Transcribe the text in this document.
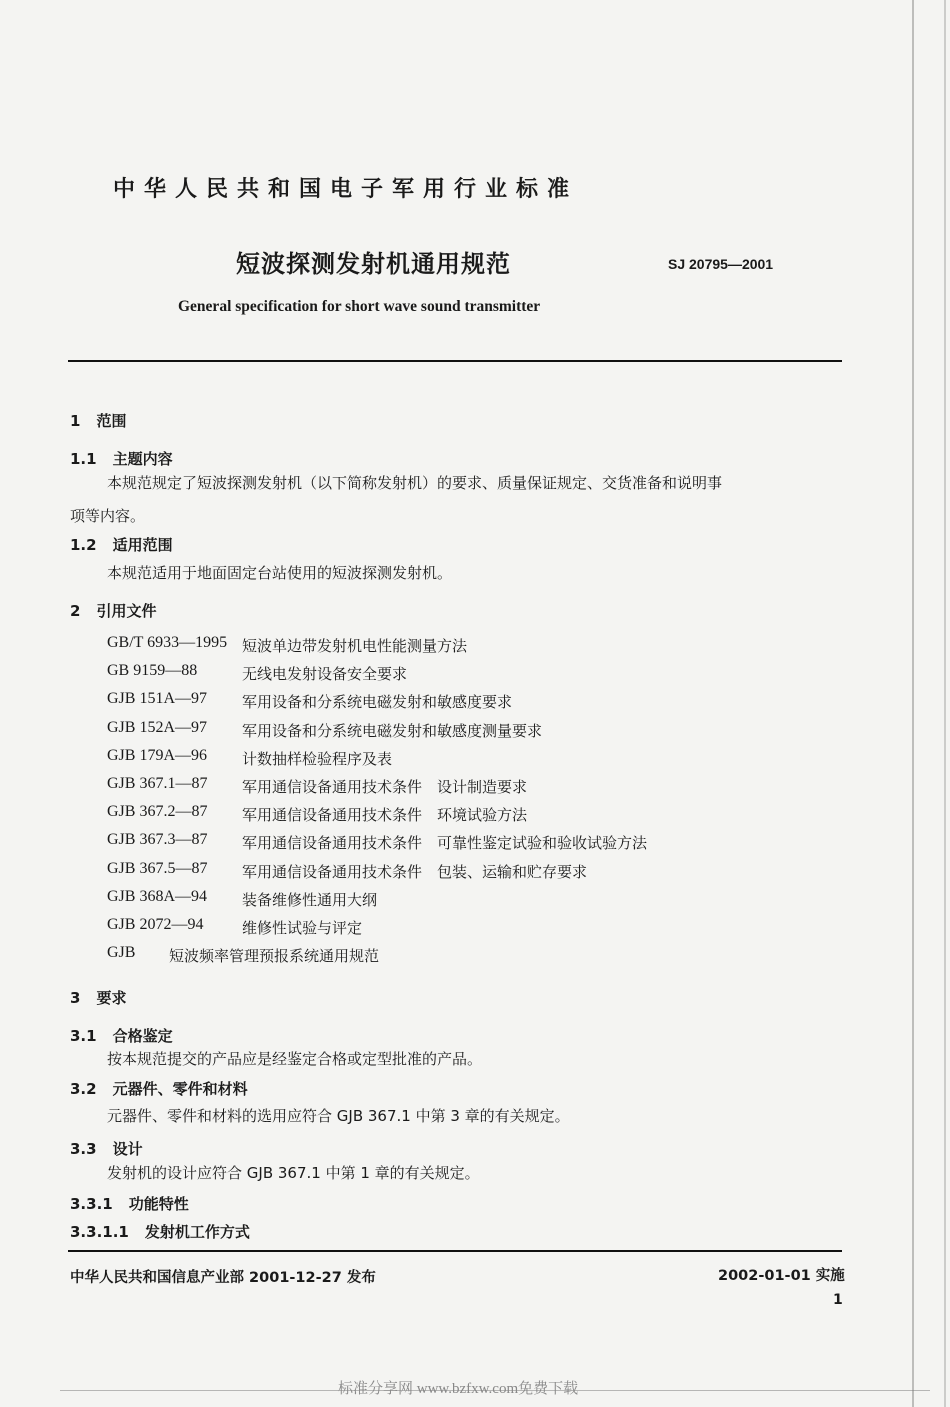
中华人民共和国电子军用行业标准
短波探测发射机通用规范	SJ 20795—2001
General specification for short wave sound transmitter
1 范围
1.1 主题内容
本规范规定了短波探测发射机（以下简称发射机）的要求、质量保证规定、交货准备和说明事
项等内容。
1.2 适用范围
本规范适用于地面固定台站使用的短波探测发射机。
2 引用文件
GB/T 6933—1995 短波单边带发射机电性能测量方法
GB 9159—88	无线电发射设备安全要求
GJB 151A—97 军用设备和分系统电磁发射和敏感度要求
GJB 152A—97 军用设备和分系统电磁发射和敏感度测量要求
GJB 179A—96 计数抽样检验程序及表
GJB 367.1—87 军用通信设备通用技术条件　设计制造要求
GJB 367.2—87 军用通信设备通用技术条件　环境试验方法
GJB 367.3—87 军用通信设备通用技术条件　可靠性鉴定试验和验收试验方法
GJB 367.5—87 军用通信设备通用技术条件　包装、运输和贮存要求
GJB 368A—94 装备维修性通用大纲
GJB 2072—94	维修性试验与评定
GJB 短波频率管理预报系统通用规范
3 要求
3.1 合格鉴定
按本规范提交的产品应是经鉴定合格或定型批准的产品。
3.2 元器件、零件和材料
元器件、零件和材料的选用应符合 GJB 367.1 中第 3 章的有关规定。
3.3 设计
发射机的设计应符合 GJB 367.1 中第 1 章的有关规定。
3.3.1 功能特性
3.3.1.1 发射机工作方式
中华人民共和国信息产业部 2001-12-27 发布	2002-01-01 实施
1
标准分享网 www.bzfxw.com免费下载
